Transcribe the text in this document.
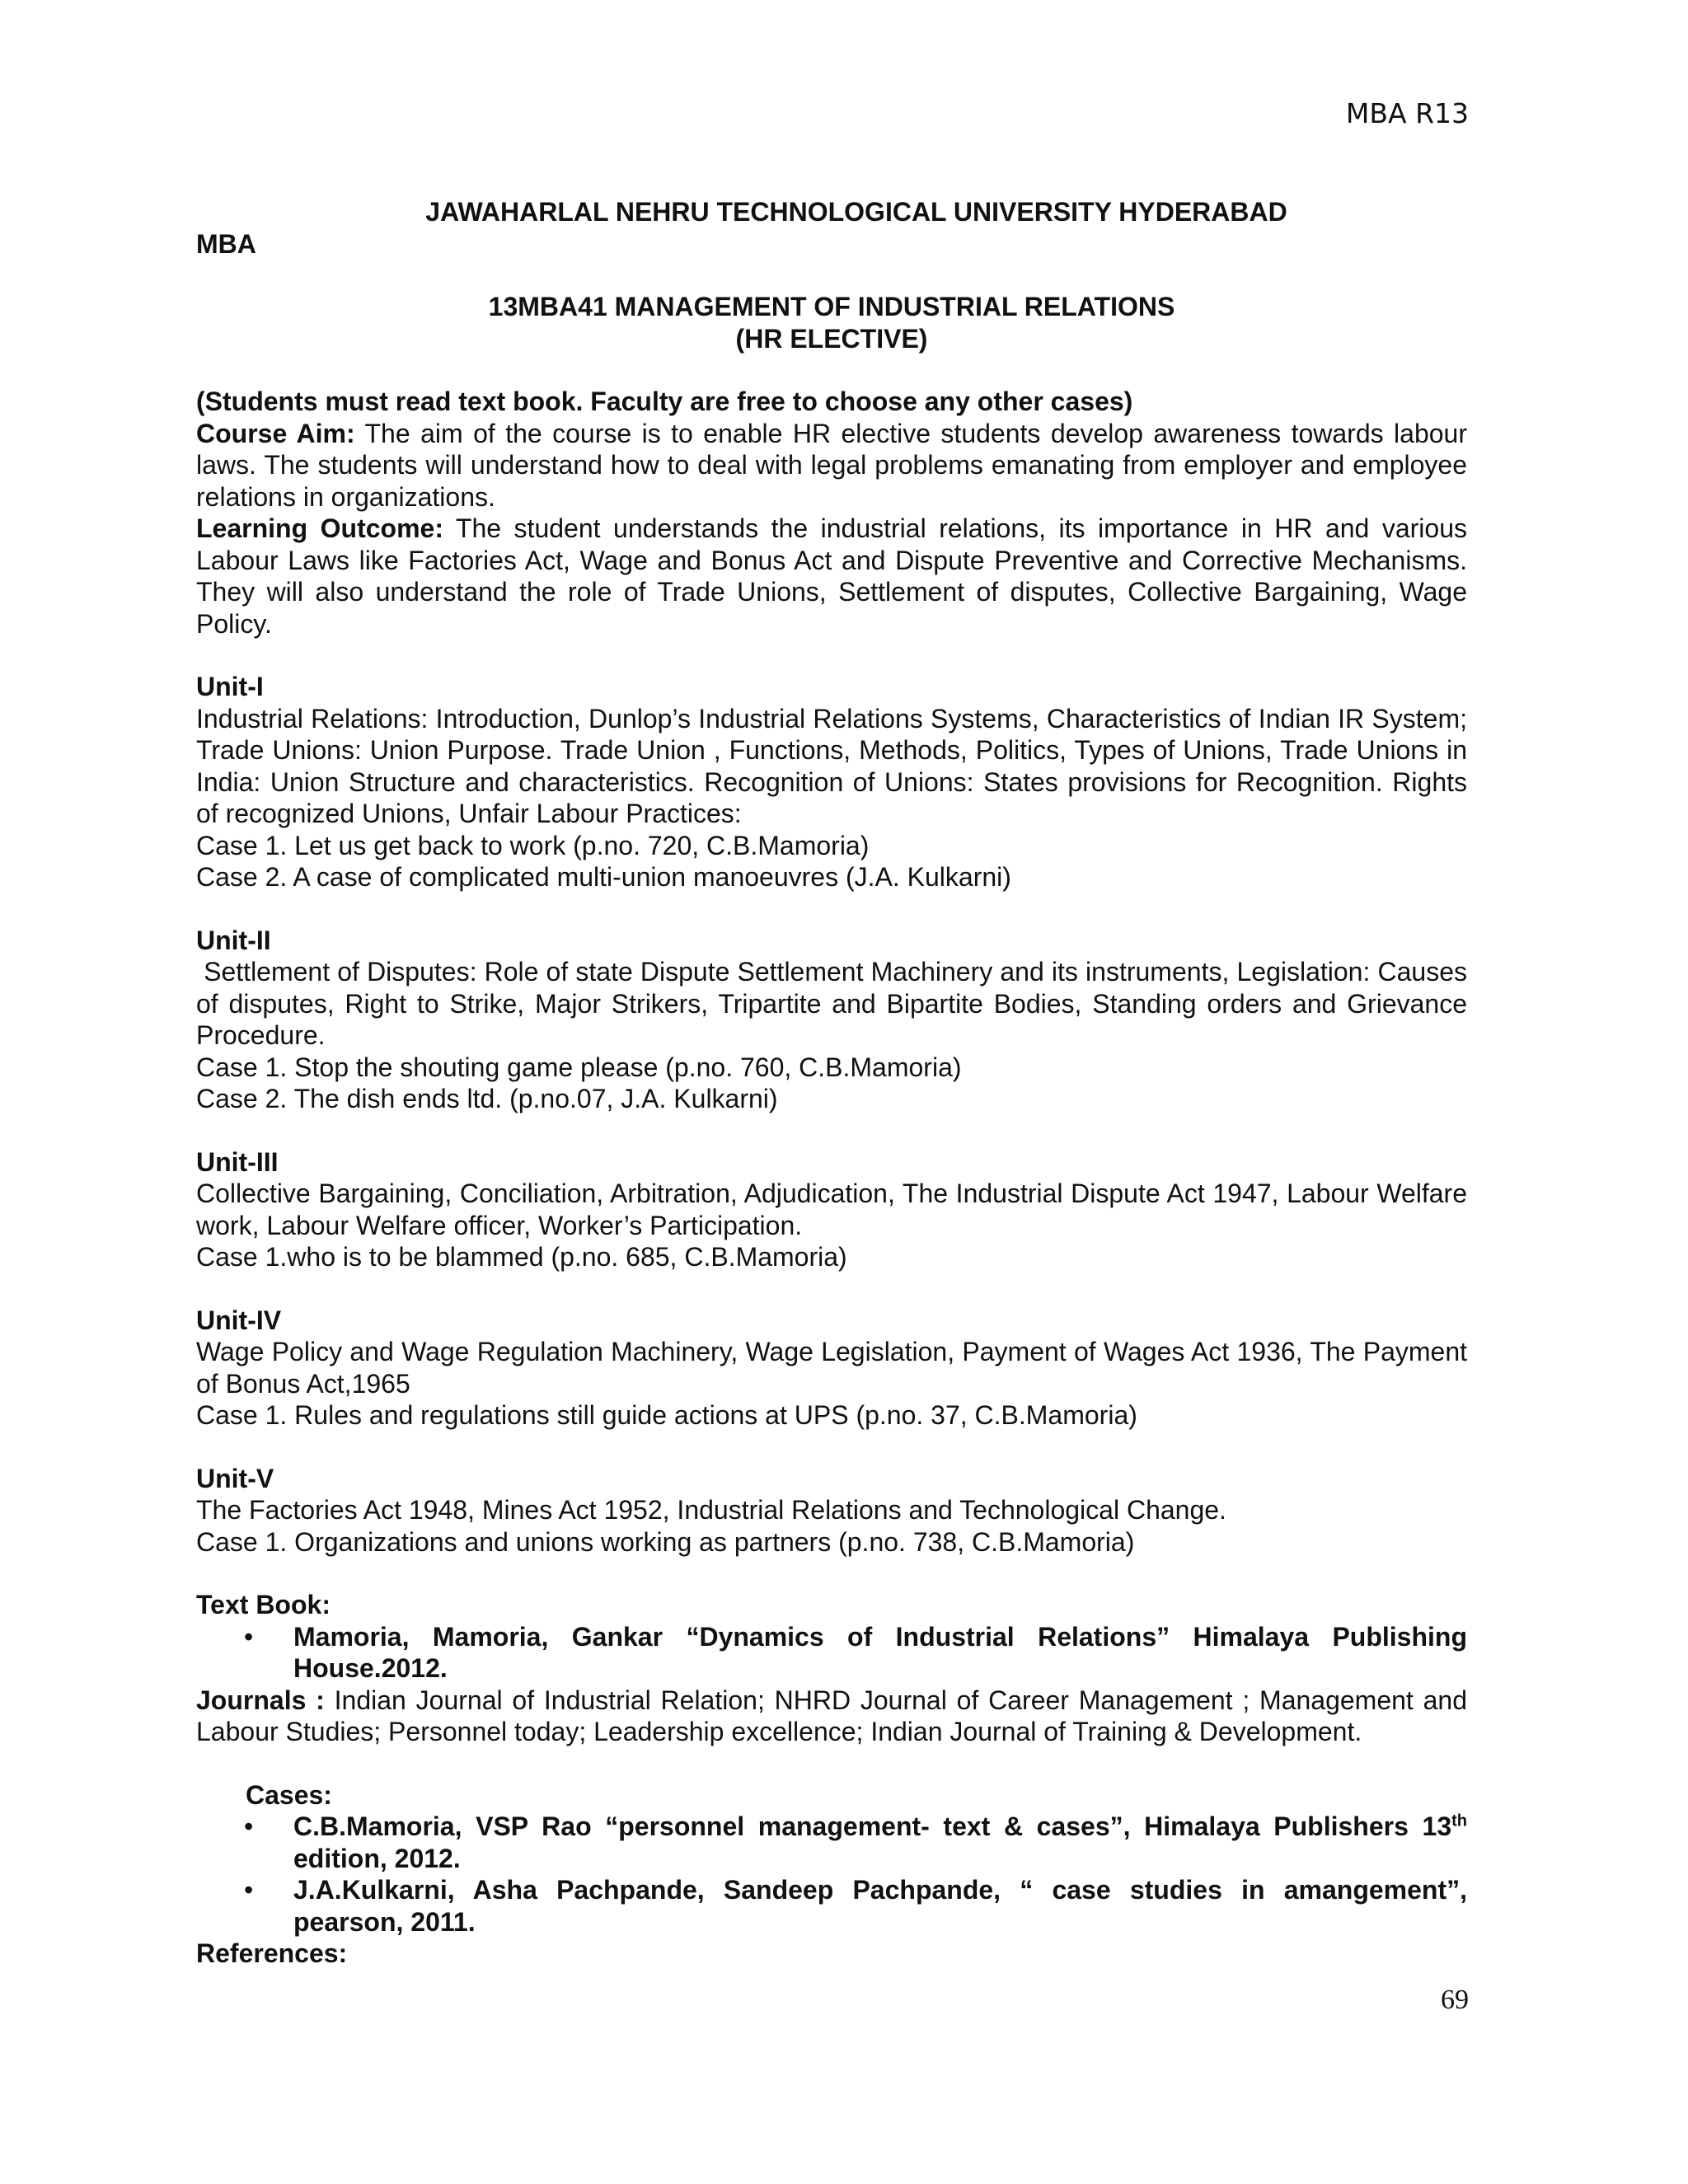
MBA R13
JAWAHARLAL NEHRU TECHNOLOGICAL UNIVERSITY HYDERABAD
MBA
13MBA41 MANAGEMENT OF INDUSTRIAL RELATIONS
(HR ELECTIVE)
(Students must read text book. Faculty are free to choose any other cases)
Course Aim: The aim of the course is to enable HR elective students develop awareness towards labour laws. The students will understand how to deal with legal problems emanating from employer and employee relations in organizations.
Learning Outcome: The student understands the industrial relations, its importance in HR and various Labour Laws like Factories Act, Wage and Bonus Act and Dispute Preventive and Corrective Mechanisms. They will also understand the role of Trade Unions, Settlement of disputes, Collective Bargaining, Wage Policy.
Unit-I
Industrial Relations: Introduction, Dunlop’s Industrial Relations Systems, Characteristics of Indian IR System; Trade Unions: Union Purpose. Trade Union , Functions, Methods, Politics, Types of Unions, Trade Unions in India: Union Structure and characteristics. Recognition of Unions: States provisions for Recognition. Rights of recognized Unions, Unfair Labour Practices:
Case 1. Let us get back to work (p.no. 720, C.B.Mamoria)
Case 2. A case of complicated multi-union manoeuvres (J.A. Kulkarni)
Unit-II
Settlement of Disputes: Role of state Dispute Settlement Machinery and its instruments, Legislation: Causes of disputes, Right to Strike, Major Strikers, Tripartite and Bipartite Bodies, Standing orders and Grievance Procedure.
Case 1. Stop the shouting game please (p.no. 760, C.B.Mamoria)
Case 2. The dish ends ltd. (p.no.07, J.A. Kulkarni)
Unit-III
Collective Bargaining, Conciliation, Arbitration, Adjudication, The Industrial Dispute Act 1947, Labour Welfare work, Labour Welfare officer, Worker’s Participation.
Case 1.who is to be blammed (p.no. 685, C.B.Mamoria)
Unit-IV
Wage Policy and Wage Regulation Machinery, Wage Legislation, Payment of Wages Act 1936, The Payment of Bonus Act,1965
Case 1. Rules and regulations still guide actions at UPS (p.no. 37, C.B.Mamoria)
Unit-V
The Factories Act 1948, Mines Act 1952, Industrial Relations and Technological Change.
Case 1. Organizations and unions working as partners (p.no. 738, C.B.Mamoria)
Text Book:
• Mamoria, Mamoria, Gankar “Dynamics of Industrial Relations” Himalaya Publishing House.2012.
Journals : Indian Journal of Industrial Relation; NHRD Journal of Career Management ; Management and Labour Studies; Personnel today; Leadership excellence; Indian Journal of Training & Development.
Cases:
• C.B.Mamoria, VSP Rao “personnel management- text & cases”, Himalaya Publishers 13th edition, 2012.
• J.A.Kulkarni, Asha Pachpande, Sandeep Pachpande, “ case studies in amangement”, pearson, 2011.
References:
69
